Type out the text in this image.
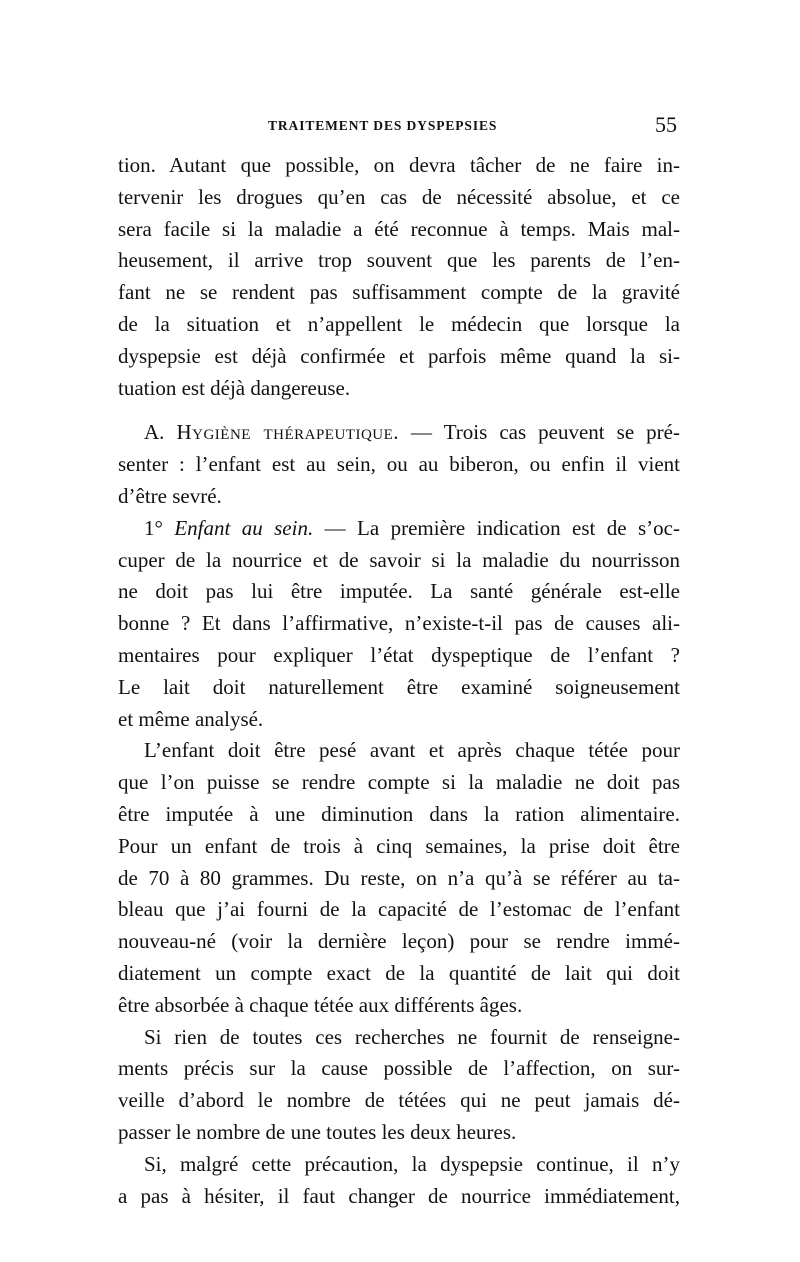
TRAITEMENT DES DYSPEPSIES	55
tion. Autant que possible, on devra tâcher de ne faire in-
tervenir les drogues qu’en cas de nécessité absolue, et ce
sera facile si la maladie a été reconnue à temps. Mais mal-
heusement, il arrive trop souvent que les parents de l’en-
fant ne se rendent pas suffisamment compte de la gravité
de la situation et n’appellent le médecin que lorsque la
dyspepsie est déjà confirmée et parfois même quand la si-
tuation est déjà dangereuse.
A. Hygiène thérapeutique. — Trois cas peuvent se pré-
senter : l’enfant est au sein, ou au biberon, ou enfin il vient
d’être sevré.
1° Enfant au sein. — La première indication est de s’oc-
cuper de la nourrice et de savoir si la maladie du nourrisson
ne doit pas lui être imputée. La santé générale est-elle
bonne ? Et dans l’affirmative, n’existe-t-il pas de causes ali-
mentaires pour expliquer l’état dyspeptique de l’enfant ?
Le lait doit naturellement être examiné soigneusement
et même analysé.
L’enfant doit être pesé avant et après chaque tétée pour
que l’on puisse se rendre compte si la maladie ne doit pas
être imputée à une diminution dans la ration alimentaire.
Pour un enfant de trois à cinq semaines, la prise doit être
de 70 à 80 grammes. Du reste, on n’a qu’à se référer au ta-
bleau que j’ai fourni de la capacité de l’estomac de l’enfant
nouveau-né (voir la dernière leçon) pour se rendre immé-
diatement un compte exact de la quantité de lait qui doit
être absorbée à chaque tétée aux différents âges.
Si rien de toutes ces recherches ne fournit de renseigne-
ments précis sur la cause possible de l’affection, on sur-
veille d’abord le nombre de tétées qui ne peut jamais dé-
passer le nombre de une toutes les deux heures.
Si, malgré cette précaution, la dyspepsie continue, il n’y
a pas à hésiter, il faut changer de nourrice immédiatement,
